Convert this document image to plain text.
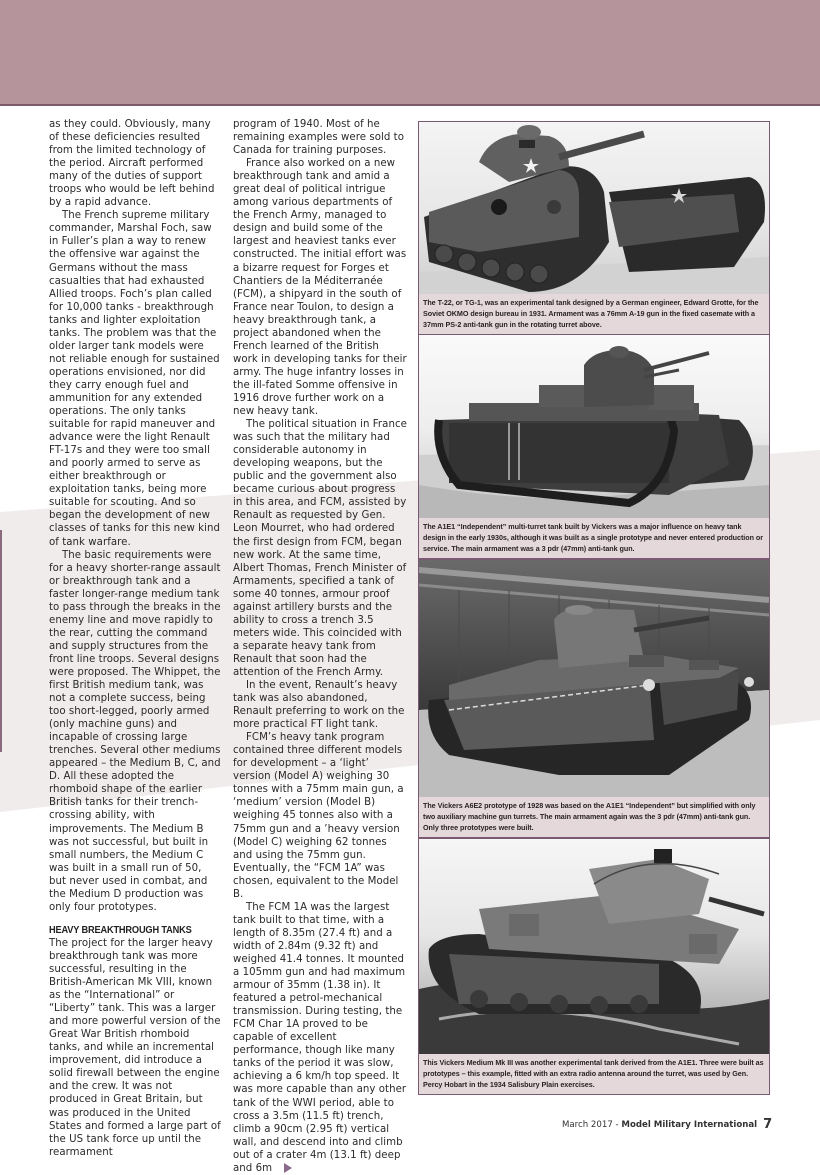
as they could. Obviously, many of these deficiencies resulted from the limited technology of the period. Aircraft performed many of the duties of support troops who would be left behind by a rapid advance.

The French supreme military commander, Marshal Foch, saw in Fuller’s plan a way to renew the offensive war against the Germans without the mass casualties that had exhausted Allied troops. Foch’s plan called for 10,000 tanks - breakthrough tanks and lighter exploitation tanks. The problem was that the older larger tank models were not reliable enough for sustained operations envisioned, nor did they carry enough fuel and ammunition for any extended operations. The only tanks suitable for rapid maneuver and advance were the light Renault FT-17s and they were too small and poorly armed to serve as either breakthrough or exploitation tanks, being more suitable for scouting. And so began the development of new classes of tanks for this new kind of tank warfare.

The basic requirements were for a heavy shorter-range assault or breakthrough tank and a faster longer-range medium tank to pass through the breaks in the enemy line and move rapidly to the rear, cutting the command and supply structures from the front line troops. Several designs were proposed. The Whippet, the first British medium tank, was not a complete success, being too short-legged, poorly armed (only machine guns) and incapable of crossing large trenches. Several other mediums appeared – the Medium B, C, and D. All these adopted the rhomboid shape of the earlier British tanks for their trench-crossing ability, with improvements. The Medium B was not successful, but built in small numbers, the Medium C was built in a small run of 50, but never used in combat, and the Medium D production was only four prototypes.

HEAVY BREAKTHROUGH TANKS

The project for the larger heavy breakthrough tank was more successful, resulting in the British-American Mk VIII, known as the “International” or “Liberty” tank. This was a larger and more powerful version of the Great War British rhomboid tanks, and while an incremental improvement, did introduce a solid firewall between the engine and the crew. It was not produced in Great Britain, but was produced in the United States and formed a large part of the US tank force up until the rearmament

program of 1940. Most of he remaining examples were sold to Canada for training purposes.

France also worked on a new breakthrough tank and amid a great deal of political intrigue among various departments of the French Army, managed to design and build some of the largest and heaviest tanks ever constructed. The initial effort was a bizarre request for Forges et Chantiers de la Méditerranée (FCM), a shipyard in the south of France near Toulon, to design a heavy breakthrough tank, a project abandoned when the French learned of the British work in developing tanks for their army. The huge infantry losses in the ill-fated Somme offensive in 1916 drove further work on a new heavy tank.

The political situation in France was such that the military had considerable autonomy in developing weapons, but the public and the government also became curious about progress in this area, and FCM, assisted by Renault as requested by Gen. Leon Mourret, who had ordered the first design from FCM, began new work. At the same time, Albert Thomas, French Minister of Armaments, specified a tank of some 40 tonnes, armour proof against artillery bursts and the ability to cross a trench 3.5 meters wide. This coincided with a separate heavy tank from Renault that soon had the attention of the French Army.

In the event, Renault’s heavy tank was also abandoned, Renault preferring to work on the more practical FT light tank.

FCM’s heavy tank program contained three different models for development – a ‘light’ version (Model A) weighing 30 tonnes with a 75mm main gun, a ‘medium’ version (Model B) weighing 45 tonnes also with a 75mm gun and a ’heavy version (Model C) weighing 62 tonnes and using the 75mm gun. Eventually, the “FCM 1A” was chosen, equivalent to the Model B.

The FCM 1A was the largest tank built to that time, with a length of 8.35m (27.4 ft) and a width of 2.84m (9.32 ft) and weighed 41.4 tonnes. It mounted a 105mm gun and had maximum armour of 35mm (1.38 in). It featured a petrol-mechanical transmission. During testing, the FCM Char 1A proved to be capable of excellent performance, though like many tanks of the period it was slow, achieving a 6 km/h top speed. It was more capable than any other tank of the WWI period, able to cross a 3.5m (11.5 ft) trench, climb a 90cm (2.95 ft) vertical wall, and descend into and climb out of a crater 4m (13.1 ft) deep and 6m

The T-22, or TG-1, was an experimental tank designed by a German engineer, Edward Grotte, for the Soviet OKMO design bureau in 1931. Armament was a 76mm A-19 gun in the fixed casemate with a 37mm PS-2 anti-tank gun in the rotating turret above.
The A1E1 “Independent” multi-turret tank built by Vickers was a major influence on heavy tank design in the early 1930s, although it was built as a single prototype and never entered production or service. The main armament was a 3 pdr (47mm) anti-tank gun.
The Vickers A6E2 prototype of 1928 was based on the A1E1 “Independent” but simplified with only two auxiliary machine gun turrets. The main armament again was the 3 pdr (47mm) anti-tank gun. Only three prototypes were built.
This Vickers Medium Mk III was another experimental tank derived from the A1E1. Three were built as prototypes – this example, fitted with an extra radio antenna around the turret, was used by Gen. Percy Hobart in the 1934 Salisbury Plain exercises.
March 2017 - Model Military International 7
